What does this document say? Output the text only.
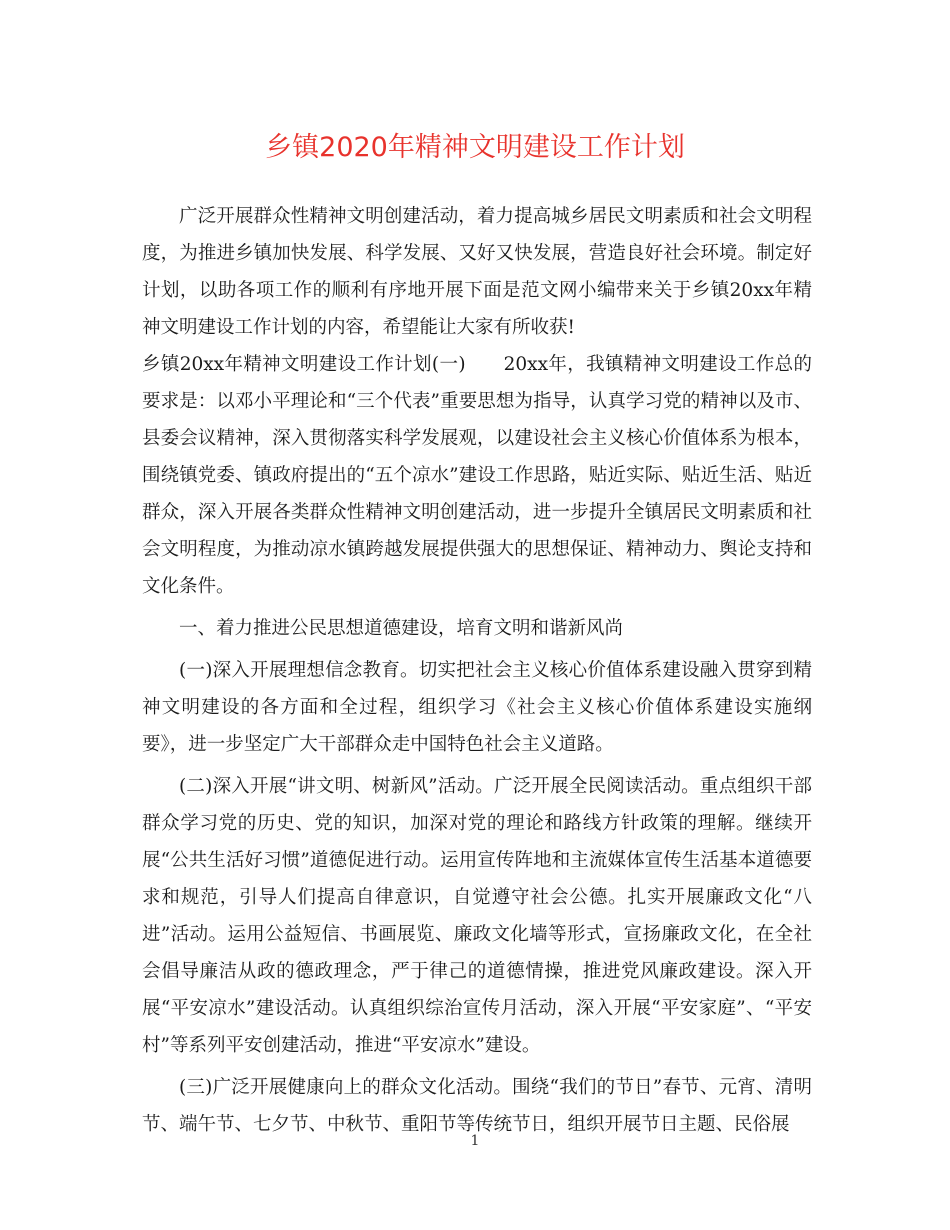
乡镇2020年精神文明建设工作计划

广泛开展群众性精神文明创建活动，着力提高城乡居民文明素质和社会文明程度，为推进乡镇加快发展、科学发展、又好又快发展，营造良好社会环境。制定好计划，以助各项工作的顺利有序地开展下面是范文网小编带来关于乡镇20xx年精神文明建设工作计划的内容，希望能让大家有所收获!

乡镇20xx年精神文明建设工作计划(一)　　20xx年，我镇精神文明建设工作总的要求是：以邓小平理论和“三个代表”重要思想为指导，认真学习党的精神以及市、县委会议精神，深入贯彻落实科学发展观，以建设社会主义核心价值体系为根本，围绕镇党委、镇政府提出的“五个凉水”建设工作思路，贴近实际、贴近生活、贴近群众，深入开展各类群众性精神文明创建活动，进一步提升全镇居民文明素质和社会文明程度，为推动凉水镇跨越发展提供强大的思想保证、精神动力、舆论支持和文化条件。

一、着力推进公民思想道德建设，培育文明和谐新风尚

(一)深入开展理想信念教育。切实把社会主义核心价值体系建设融入贯穿到精神文明建设的各方面和全过程，组织学习《社会主义核心价值体系建设实施纲要》，进一步坚定广大干部群众走中国特色社会主义道路。

(二)深入开展“讲文明、树新风”活动。广泛开展全民阅读活动。重点组织干部群众学习党的历史、党的知识，加深对党的理论和路线方针政策的理解。继续开展“公共生活好习惯”道德促进行动。运用宣传阵地和主流媒体宣传生活基本道德要求和规范，引导人们提高自律意识，自觉遵守社会公德。扎实开展廉政文化“八进”活动。运用公益短信、书画展览、廉政文化墙等形式，宣扬廉政文化，在全社会倡导廉洁从政的德政理念，严于律己的道德情操，推进党风廉政建设。深入开展“平安凉水”建设活动。认真组织综治宣传月活动，深入开展“平安家庭”、“平安村”等系列平安创建活动，推进“平安凉水”建设。

(三)广泛开展健康向上的群众文化活动。围绕“我们的节日”春节、元宵、清明节、端午节、七夕节、中秋节、重阳节等传统节日，组织开展节日主题、民俗展

1
